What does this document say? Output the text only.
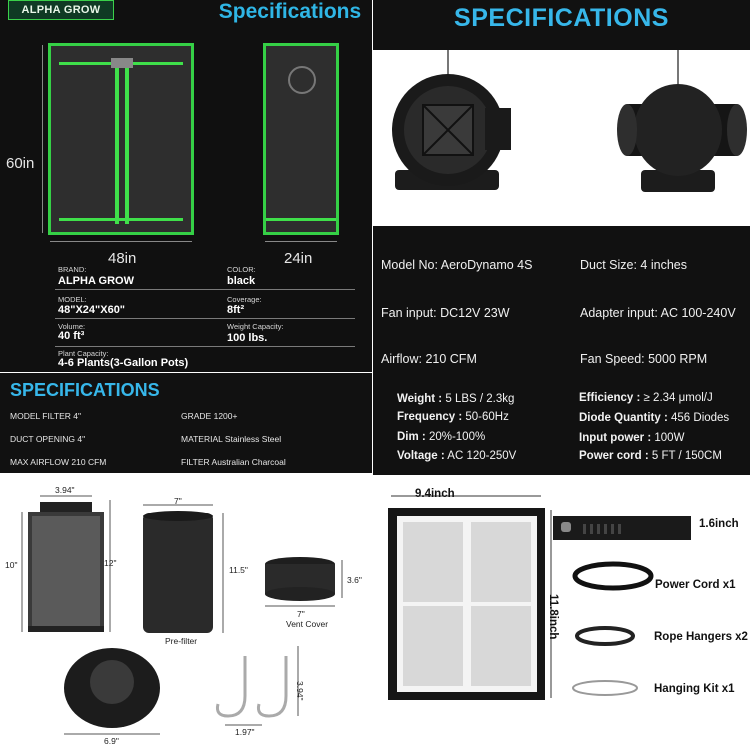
ALPHA GROW	Specifications
60in
48in	24in
BRAND:
ALPHA GROW
COLOR:
black
MODEL:
48"X24"X60"
Coverage:
8ft²
Volume:
40 ft³
Weight Capacity:
100 lbs.
Plant Capacity:
4-6 Plants(3-Gallon Pots)
SPECIFICATIONS
Model No: AeroDynamo 4S	Duct Size: 4 inches
Fan input: DC12V 23W	Adapter input: AC 100-240V
Airflow: 210 CFM	Fan Speed: 5000 RPM
SPECIFICATIONS
MODEL FILTER 4"	GRADE 1200+
DUCT OPENING 4"	MATERIAL Stainless Steel
MAX AIRFLOW 210 CFM	FILTER Australian Charcoal
Weight : 5 LBS / 2.3kg	Efficiency : ≥ 2.34 μmol/J
Frequency : 50-60Hz	Diode Quantity : 456 Diodes
Dim : 20%-100%	Input power : 100W
Voltage : AC 120-250V	Power cord : 5 FT / 150CM
3.94"
10"	12"
7"
11.5"
Pre-filter
3.6"
7"
Vent Cover
6.9"
3.94"
1.97"
9.4inch
11.8inch
1.6inch
Power Cord x1
Rope Hangers x2
Hanging Kit x1
